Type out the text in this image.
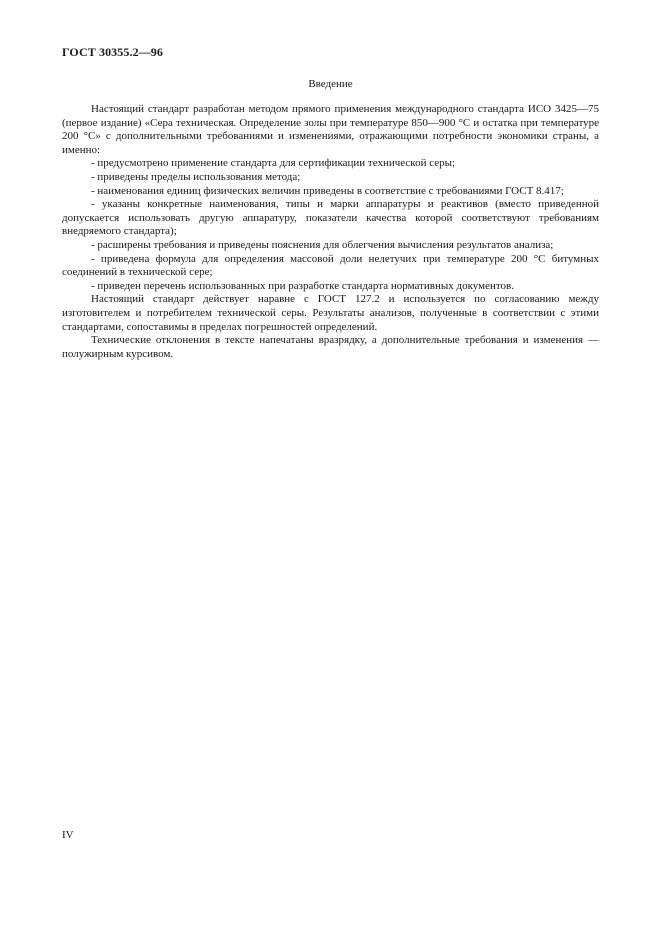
ГОСТ 30355.2—96
Введение

Настоящий стандарт разработан методом прямого применения международного стандарта ИСО 3425—75 (первое издание) «Сера техническая. Определение золы при температуре 850—900 °С и остатка при температуре 200 °С» с дополнительными требованиями и изменениями, отражающими потребности экономики страны, а именно:

- предусмотрено применение стандарта для сертификации технической серы;

- приведены пределы использования метода;

- наименования единиц физических величин приведены в соответствие с требованиями ГОСТ 8.417;

- указаны конкретные наименования, типы и марки аппаратуры и реактивов (вместо приведенной допускается использовать другую аппаратуру, показатели качества которой соответствуют требованиям внедряемого стандарта);

- расширены требования и приведены пояснения для облегчения вычисления результатов анализа;

- приведена формула для определения массовой доли нелетучих при температуре 200 °С битумных соединений в технической сере;

- приведен перечень использованных при разработке стандарта нормативных документов.

Настоящий стандарт действует наравне с ГОСТ 127.2 и используется по согласованию между изготовителем и потребителем технической серы. Результаты анализов, полученные в соответствии с этими стандартами, сопоставимы в пределах погрешностей определений.

Технические отклонения в тексте напечатаны вразрядку, а дополнительные требования и изменения — полужирным курсивом.

IV
